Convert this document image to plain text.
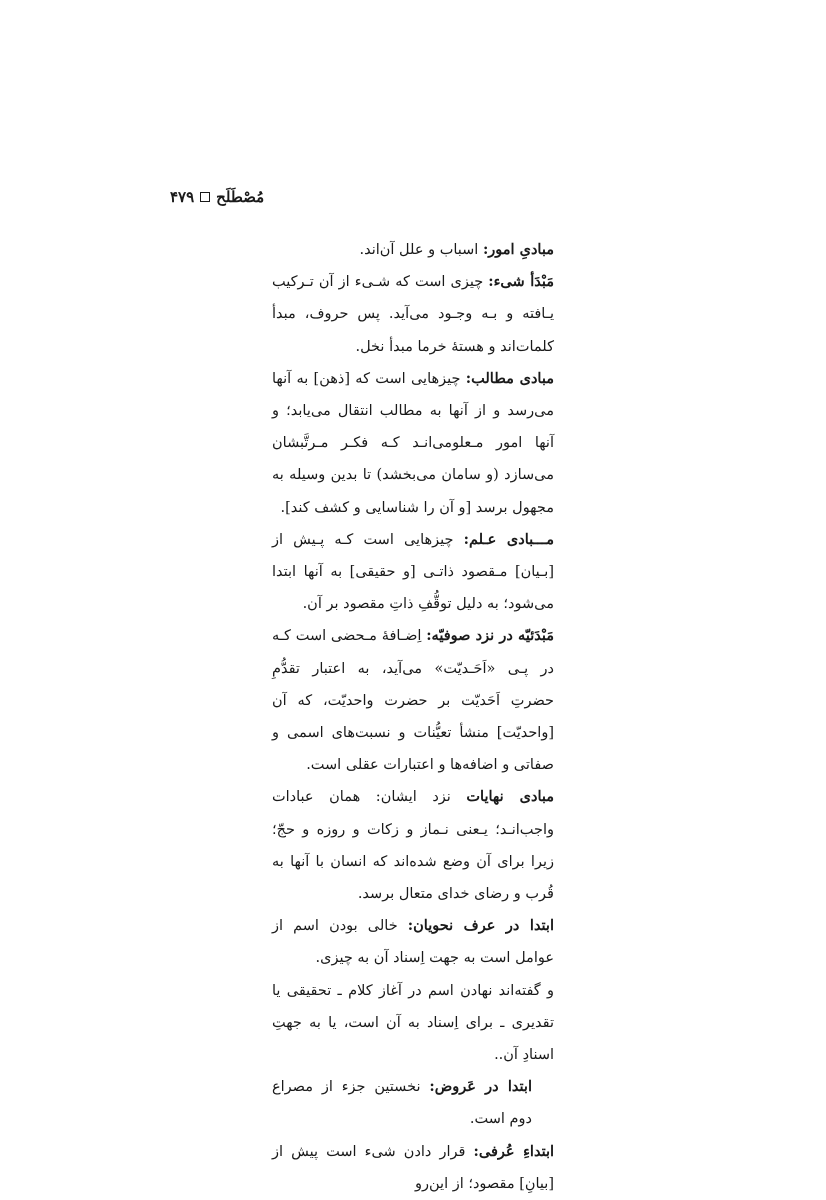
مُصْطَلَح
۴۷۹

مبادیِ امور: اسباب و علل آن‌اند.

مَبْدَأ شیء: چیزی است که شـیء از آن تـرکیب یـافته و بـه وجـود می‌آید. پس حروف، مبدأ کلمات‌اند و هستهٔ خرما مبدأ نخل.

مبادی مطالب: چیزهایی است که [ذهن] به آنها می‌رسد و از آنها به مطالب انتقال می‌یابد؛ و آنها امور مـعلومی‌انـد کـه فکـر مـرتَّبشان می‌سازد (و سامان می‌بخشد) تا بدین وسیله به مجهول برسد [و آن را شناسایی و کشف کند].

مـــبادی عـلم: چیزهایی است کـه پـیش از [بـیان] مـقصود ذاتـی [و حقیقی] به آنها ابتدا می‌شود؛ به دلیل توقُّفِ ذاتِ مقصود بر آن.

مَبْدَئیّه در نزد صوفیّه: اِضـافهٔ مـحضی است کـه در پـی «اَحَـدیّت» می‌آید، به اعتبار تقدُّمِ حضرتِ اَحَدیّت بر حضرت واحدیّت، که آن [واحدیّت] منشأ تعیُّنات و نسبت‌های اسمی و صفاتی و اضافه‌ها و اعتبارات عقلی است.

مبادی نهایات نزد ایشان: همان عبادات واجب‌انـد؛ یـعنی نـماز و زکات و روزه و حجّ؛ زیرا برای آن وضع شده‌اند که انسان با آنها به قُرب و رضای خدای متعال برسد.

ابتدا در عرف نحویان: خالی بودن اسم از عوامل است به جهت اِسناد آن به چیزی.

و گفته‌اند نهادن اسم در آغاز کلام ـ تحقیقی یا تقدیری ـ برای اِسناد به آن است، یا به جهتِ اسنادِ آن..

ابتدا در عَروض: نخستین جزء از مصراع دوم است.

ابتداءِ عُرفی: قرار دادن شیء است پیش از [بیانِ] مقصود؛ از این‌رو
